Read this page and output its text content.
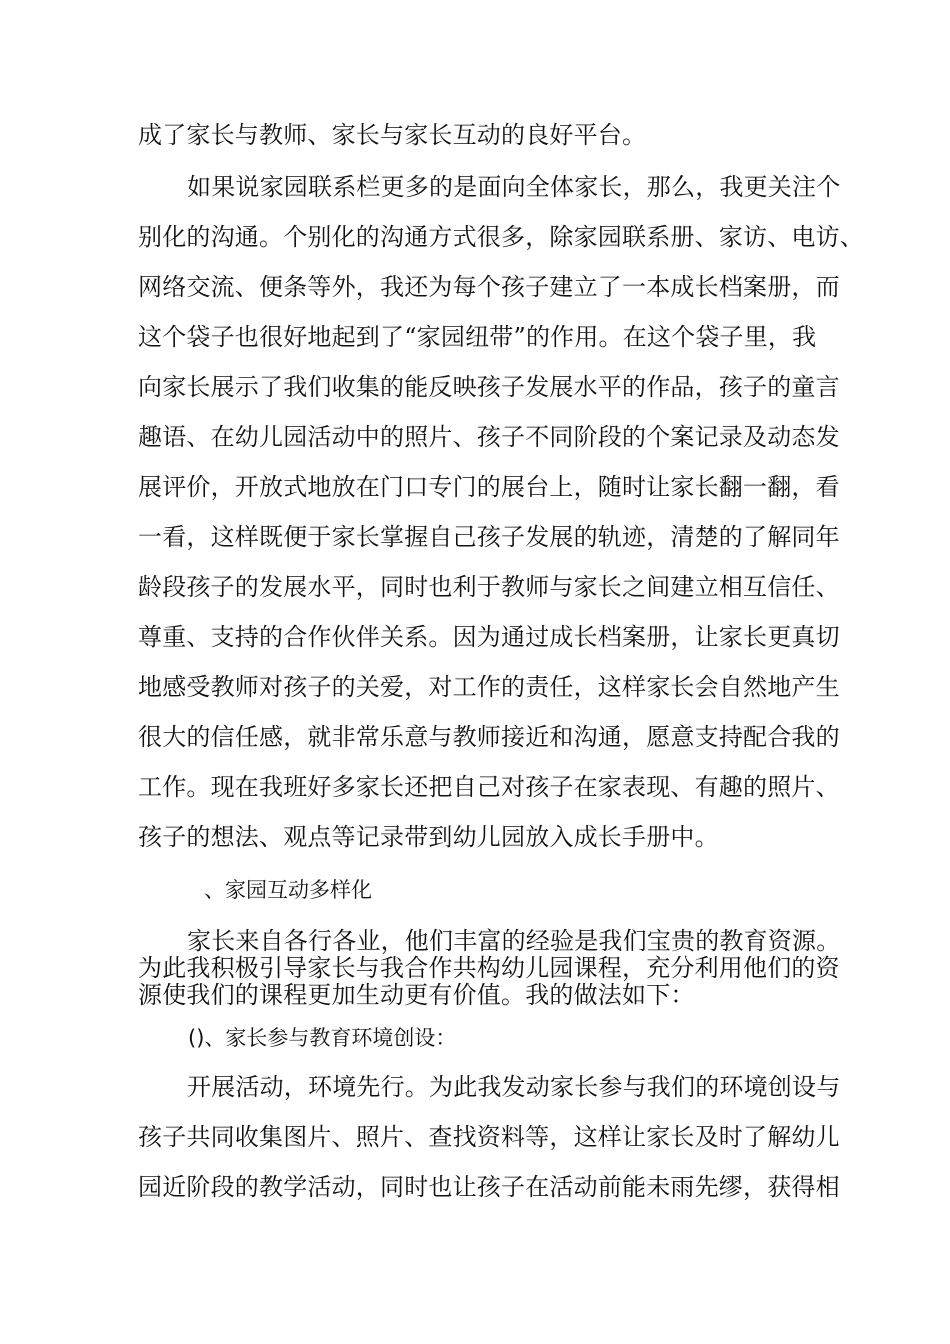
成了家长与教师、家长与家长互动的良好平台。
如果说家园联系栏更多的是面向全体家长，那么，我更关注个
别化的沟通。个别化的沟通方式很多，除家园联系册、家访、电访、
网络交流、便条等外，我还为每个孩子建立了一本成长档案册，而
这个袋子也很好地起到了“家园纽带”的作用。在这个袋子里，我
向家长展示了我们收集的能反映孩子发展水平的作品，孩子的童言
趣语、在幼儿园活动中的照片、孩子不同阶段的个案记录及动态发
展评价，开放式地放在门口专门的展台上，随时让家长翻一翻，看
一看，这样既便于家长掌握自己孩子发展的轨迹，清楚的了解同年
龄段孩子的发展水平，同时也利于教师与家长之间建立相互信任、
尊重、支持的合作伙伴关系。因为通过成长档案册，让家长更真切
地感受教师对孩子的关爱，对工作的责任，这样家长会自然地产生
很大的信任感，就非常乐意与教师接近和沟通，愿意支持配合我的
工作。现在我班好多家长还把自己对孩子在家表现、有趣的照片、
孩子的想法、观点等记录带到幼儿园放入成长手册中。
、家园互动多样化
家长来自各行各业，他们丰富的经验是我们宝贵的教育资源。
为此我积极引导家长与我合作共构幼儿园课程，充分利用他们的资
源使我们的课程更加生动更有价值。我的做法如下：
()、家长参与教育环境创设：
开展活动，环境先行。为此我发动家长参与我们的环境创设与
孩子共同收集图片、照片、查找资料等，这样让家长及时了解幼儿
园近阶段的教学活动，同时也让孩子在活动前能未雨先缪，获得相
